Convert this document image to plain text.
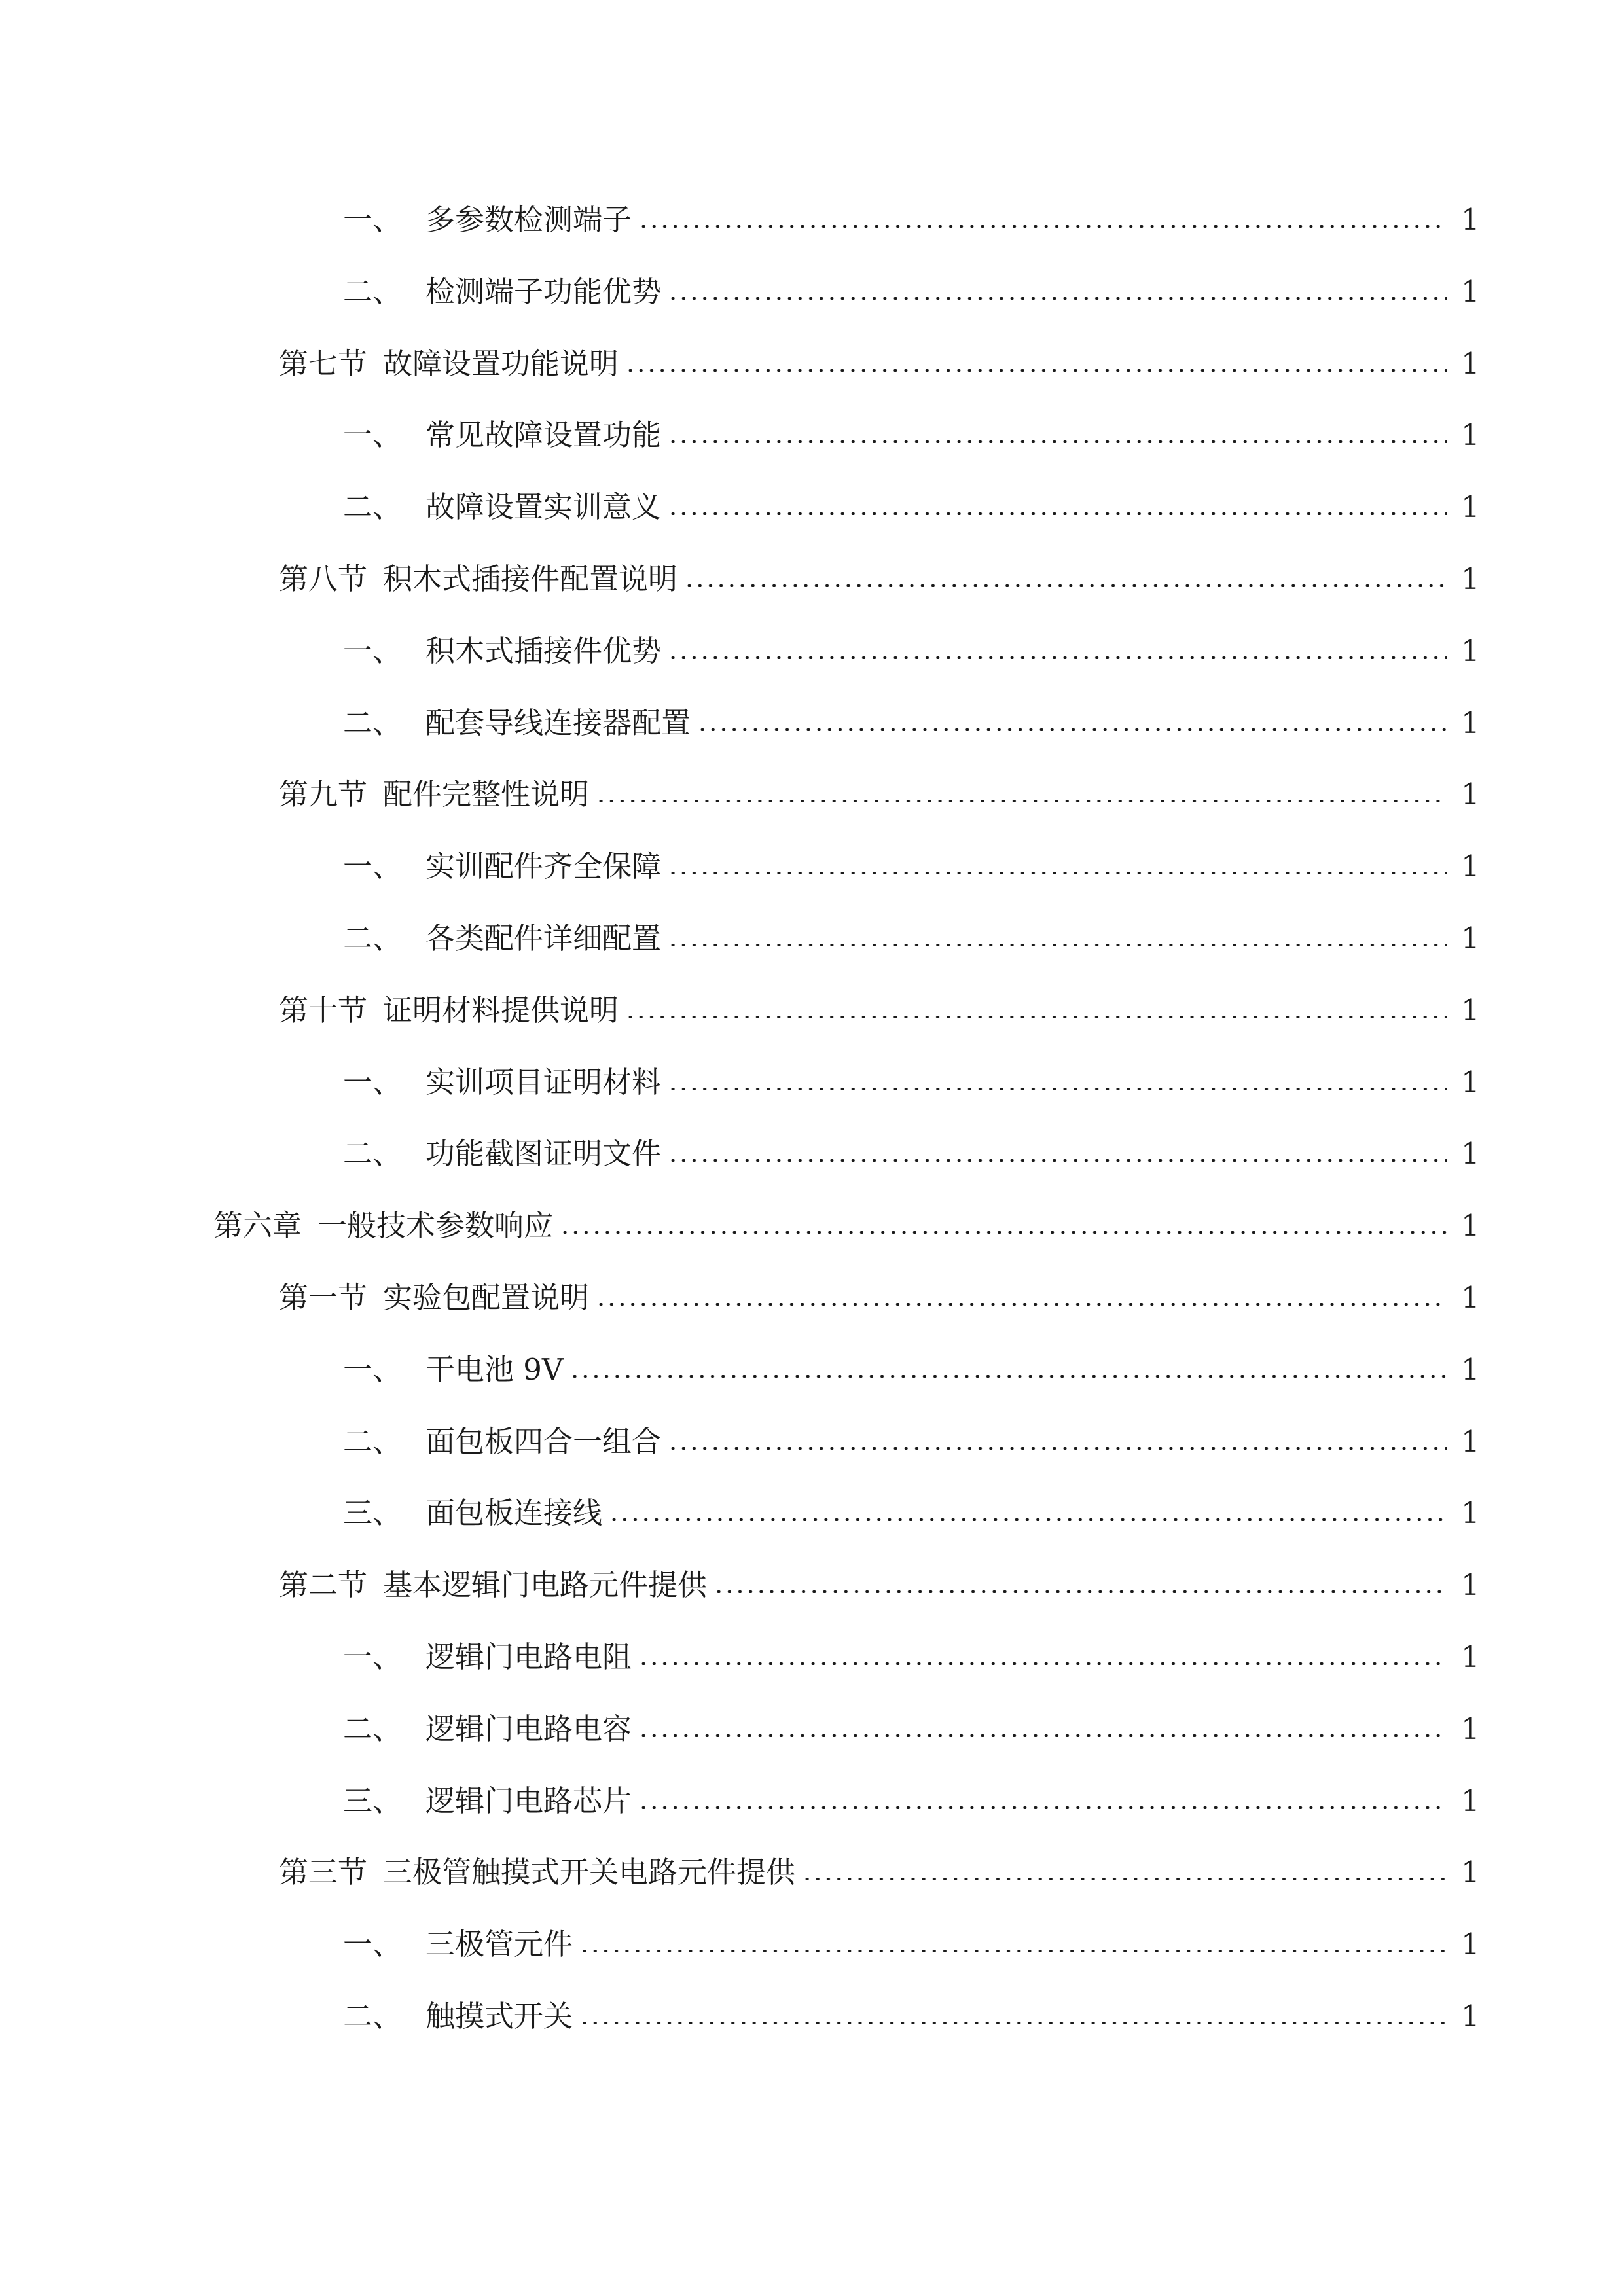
一、 多参数检测端子	1
二、 检测端子功能优势	1
第七节 故障设置功能说明	1
一、 常见故障设置功能	1
二、 故障设置实训意义	1
第八节 积木式插接件配置说明	1
一、 积木式插接件优势	1
二、 配套导线连接器配置	1
第九节 配件完整性说明	1
一、 实训配件齐全保障	1
二、 各类配件详细配置	1
第十节 证明材料提供说明	1
一、 实训项目证明材料	1
二、 功能截图证明文件	1
第六章 一般技术参数响应	1
第一节 实验包配置说明	1
一、 干电池 9V	1
二、 面包板四合一组合	1
三、 面包板连接线	1
第二节 基本逻辑门电路元件提供	1
一、 逻辑门电路电阻	1
二、 逻辑门电路电容	1
三、 逻辑门电路芯片	1
第三节 三极管触摸式开关电路元件提供	1
一、 三极管元件	1
二、 触摸式开关	1
